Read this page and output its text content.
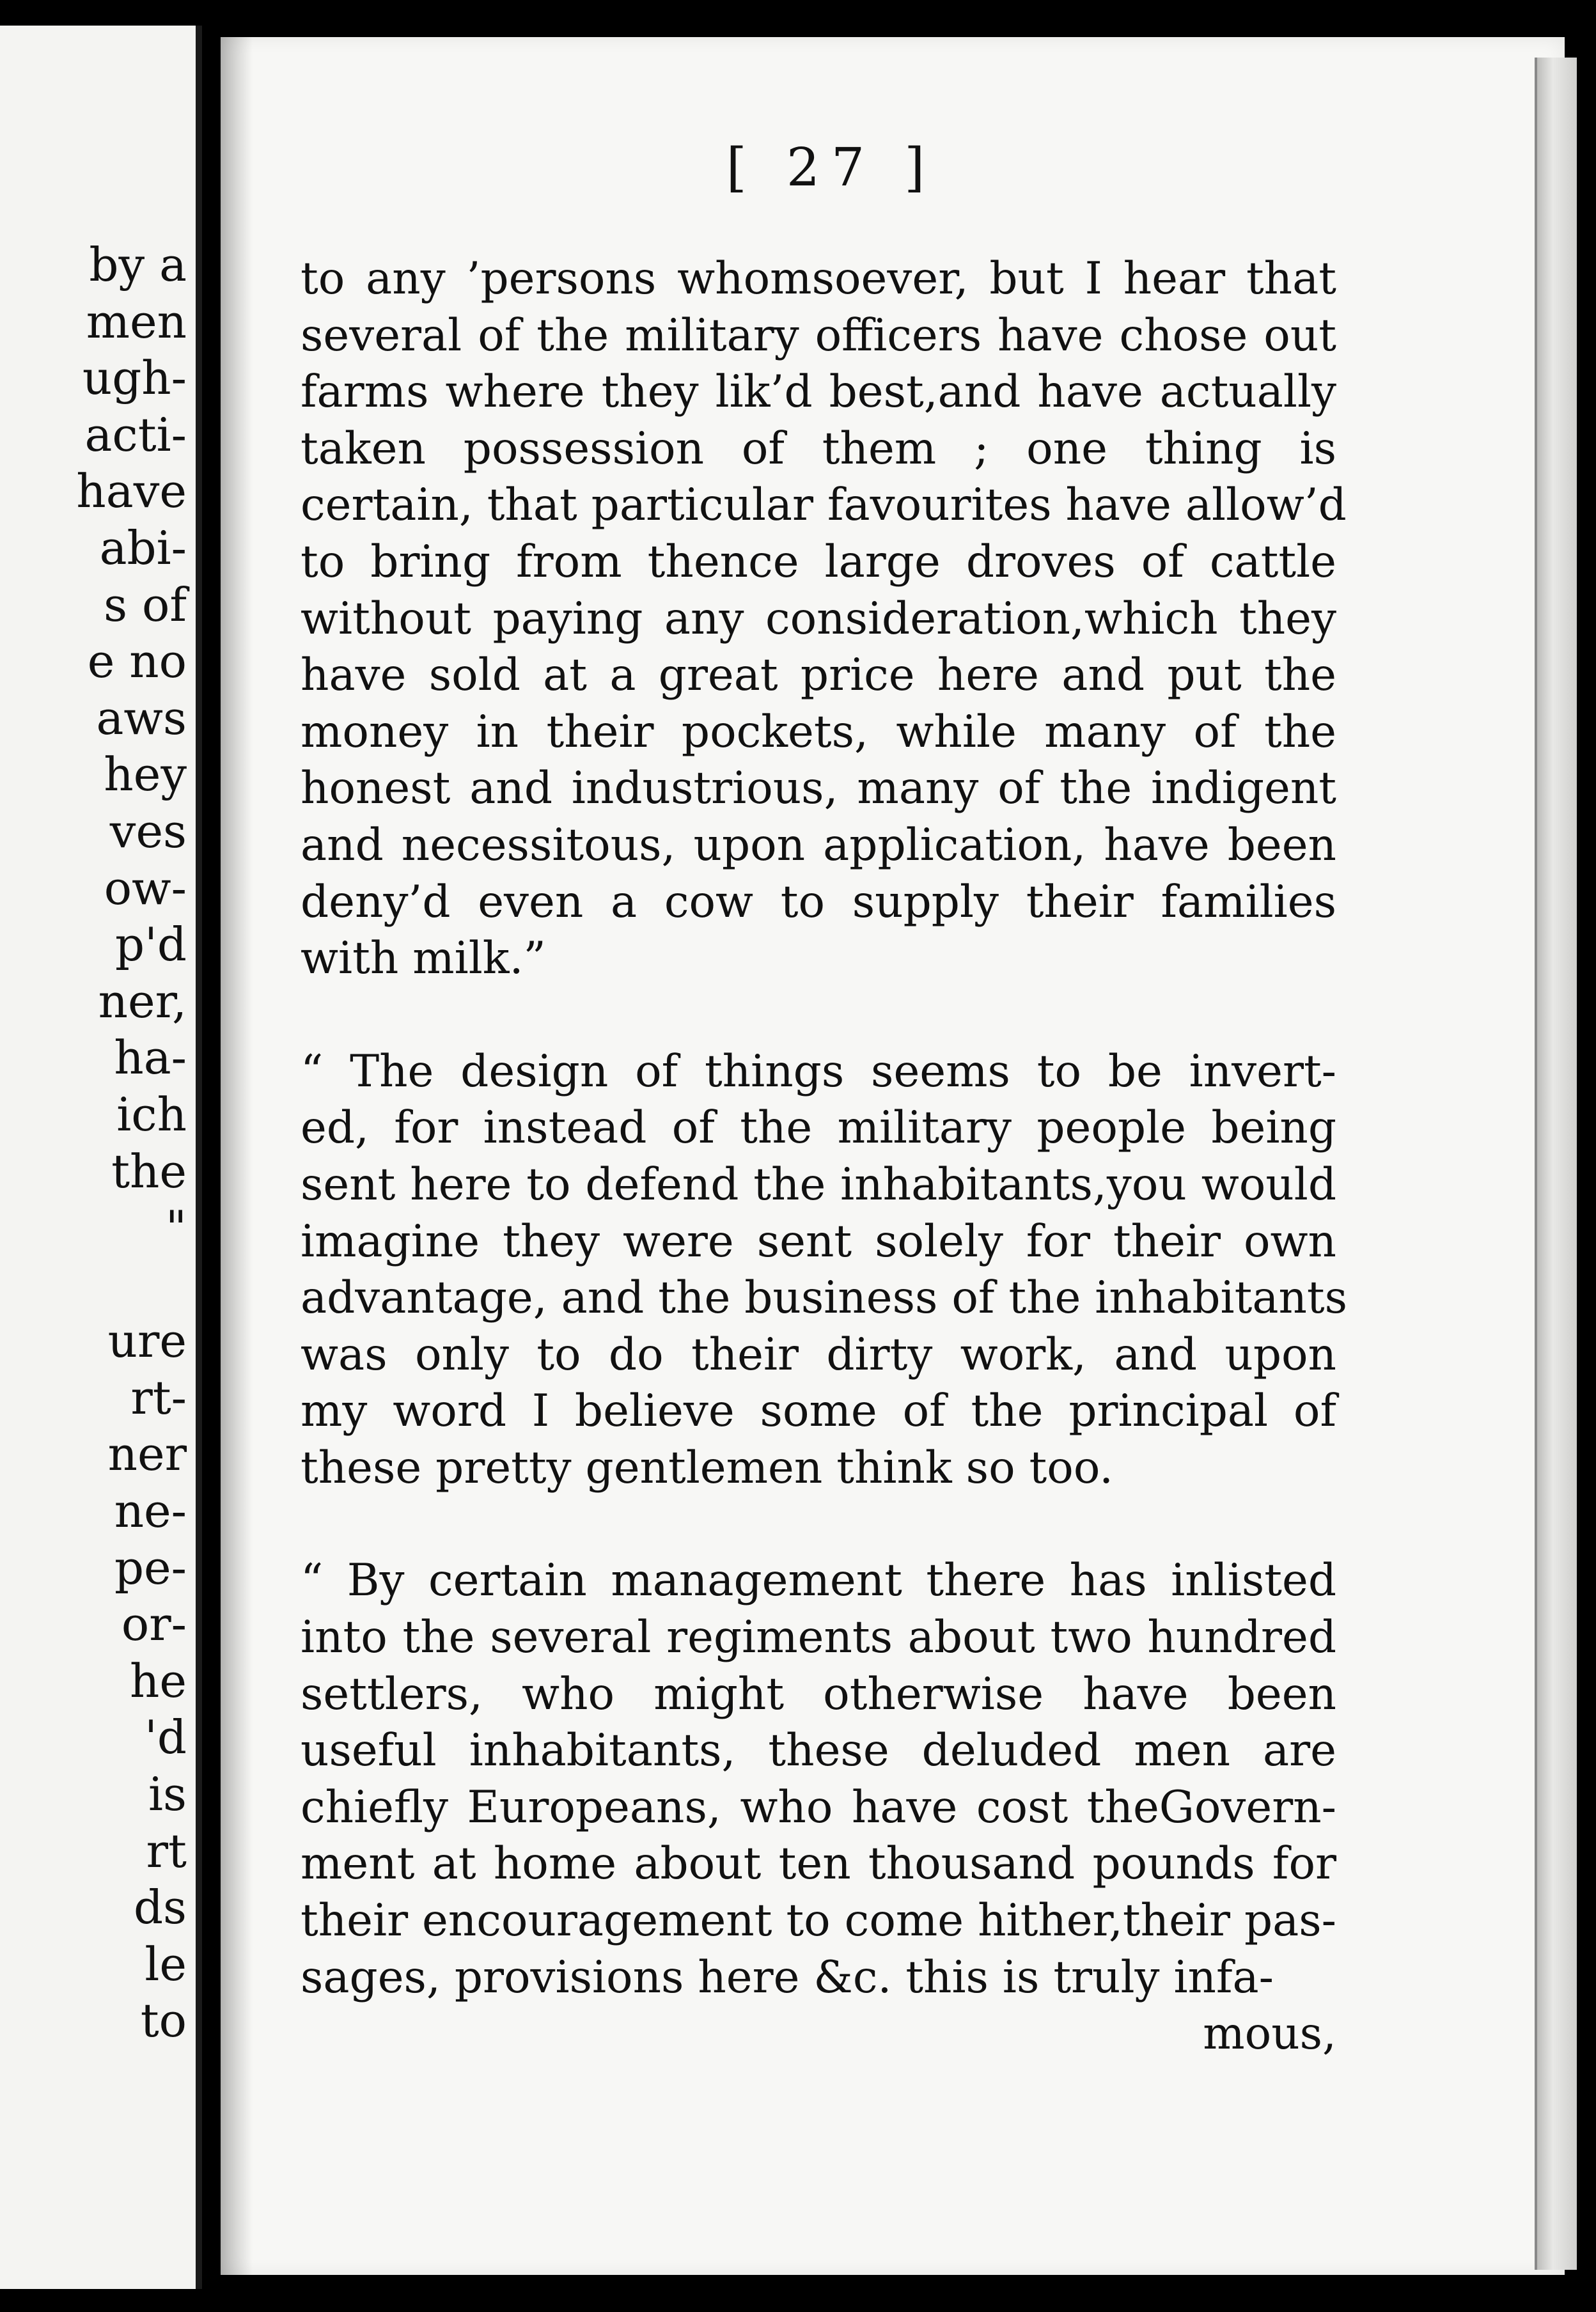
by a
men
ugh-
acti-
have
abi-
s of
e no
aws
hey
ves
ow-
p'd
ner,
ha-
ich
the
"
ure
rt-
ner
ne-
pe-
or-
he
'd
is
rt
ds
le
to

[ 27 ]

to any ’persons whomsoever, but I hear that
several of the military officers have chose out
farms where they lik’d best,and have actually
taken possession of them ; one thing is
certain, that particular favourites have allow’d
to bring from thence large droves of cattle
without paying any consideration,which they
have sold at a great price here and put the
money in their pockets, while many of the
honest and industrious, many of the indigent
and necessitous, upon application, have been
deny’d even a cow to supply their families
with milk.”
“ The design of things seems to be invert-
ed, for instead of the military people being
sent here to defend the inhabitants,you would
imagine they were sent solely for their own
advantage, and the business of the inhabitants
was only to do their dirty work, and upon
my word I believe some of the principal of
these pretty gentlemen think so too.
“ By certain management there has inlisted
into the several regiments about two hundred
settlers, who might otherwise have been
useful inhabitants, these deluded men are
chiefly Europeans, who have cost theGovern-
ment at home about ten thousand pounds for
their encouragement to come hither,their pas-
sages, provisions here &c. this is truly infa-
mous,
